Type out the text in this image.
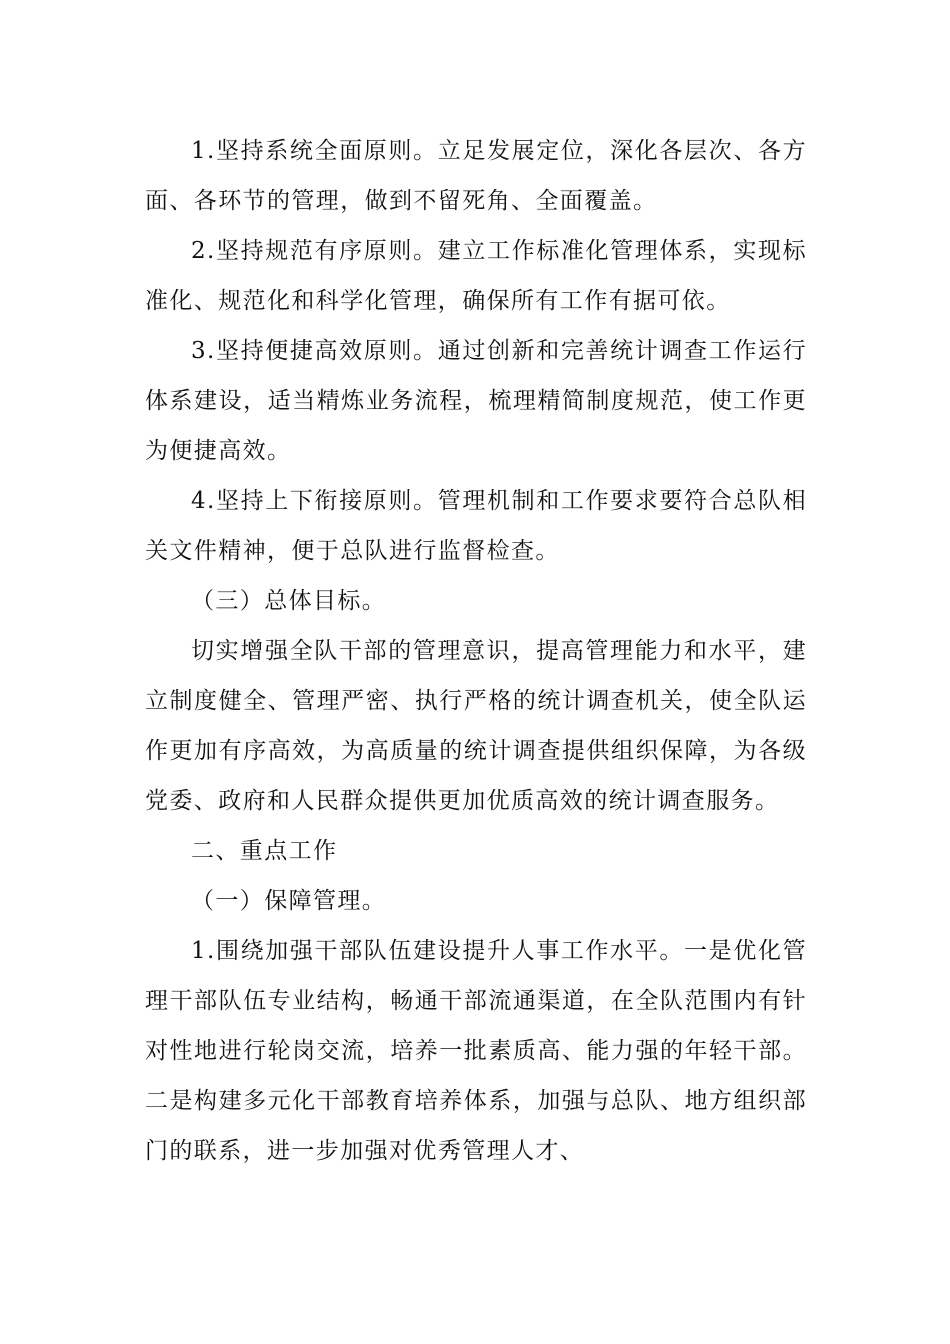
1.坚持系统全面原则。立足发展定位，深化各层次、各方面、各环节的管理，做到不留死角、全面覆盖。

2.坚持规范有序原则。建立工作标准化管理体系，实现标准化、规范化和科学化管理，确保所有工作有据可依。

3.坚持便捷高效原则。通过创新和完善统计调查工作运行体系建设，适当精炼业务流程，梳理精简制度规范，使工作更为便捷高效。

4.坚持上下衔接原则。管理机制和工作要求要符合总队相关文件精神，便于总队进行监督检查。

（三）总体目标。

切实增强全队干部的管理意识，提高管理能力和水平，建立制度健全、管理严密、执行严格的统计调查机关，使全队运作更加有序高效，为高质量的统计调查提供组织保障，为各级党委、政府和人民群众提供更加优质高效的统计调查服务。

二、重点工作

（一）保障管理。

1.围绕加强干部队伍建设提升人事工作水平。一是优化管理干部队伍专业结构，畅通干部流通渠道，在全队范围内有针对性地进行轮岗交流，培养一批素质高、能力强的年轻干部。二是构建多元化干部教育培养体系，加强与总队、地方组织部门的联系，进一步加强对优秀管理人才、
